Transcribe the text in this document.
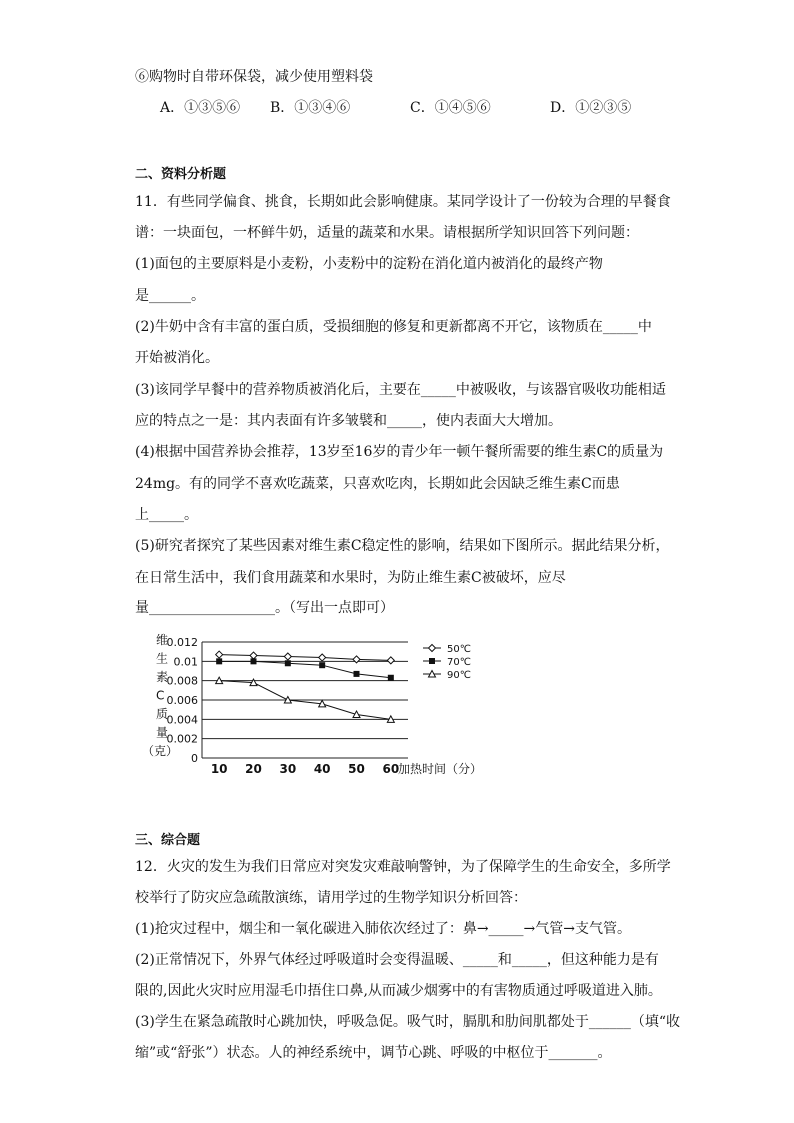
⑥购物时自带环保袋，减少使用塑料袋
A．①③⑤⑥ B．①③④⑥	C．①④⑤⑥	D．①②③⑤
二、资料分析题
11．有些同学偏食、挑食，长期如此会影响健康。某同学设计了一份较为合理的早餐食
谱：一块面包，一杯鲜牛奶，适量的蔬菜和水果。请根据所学知识回答下列问题：
(1)面包的主要原料是小麦粉，小麦粉中的淀粉在消化道内被消化的最终产物
是______。
(2)牛奶中含有丰富的蛋白质，受损细胞的修复和更新都离不开它，该物质在_____中
开始被消化。
(3)该同学早餐中的营养物质被消化后，主要在_____中被吸收，与该器官吸收功能相适
应的特点之一是：其内表面有许多皱襞和_____，使内表面大大增加。
(4)根据中国营养协会推荐，13岁至16岁的青少年一顿午餐所需要的维生素C的质量为
24mg。有的同学不喜欢吃蔬菜，只喜欢吃肉，长期如此会因缺乏维生素C而患
上_____。
(5)研究者探究了某些因素对维生素C稳定性的影响，结果如下图所示。据此结果分析，
在日常生活中，我们食用蔬菜和水果时，为防止维生素C被破坏，应尽
量__________________。（写出一点即可）
维
生
素
C
质
量
（克）
0
0.002
0.004
0.006
0.008
0.01
0.012
10 20 30 40 50 60
50℃
70℃
90℃
加热时间（分）
三、综合题
12．火灾的发生为我们日常应对突发灾难敲响警钟，为了保障学生的生命安全，多所学
校举行了防灾应急疏散演练，请用学过的生物学知识分析回答：
(1)抢灾过程中，烟尘和一氧化碳进入肺依次经过了：鼻→_____→气管→支气管。
(2)正常情况下，外界气体经过呼吸道时会变得温暖、_____和_____，但这种能力是有
限的,因此火灾时应用湿毛巾捂住口鼻,从而减少烟雾中的有害物质通过呼吸道进入肺。
(3)学生在紧急疏散时心跳加快，呼吸急促。吸气时，膈肌和肋间肌都处于______（填“收
缩”或“舒张”）状态。人的神经系统中，调节心跳、呼吸的中枢位于_______。
